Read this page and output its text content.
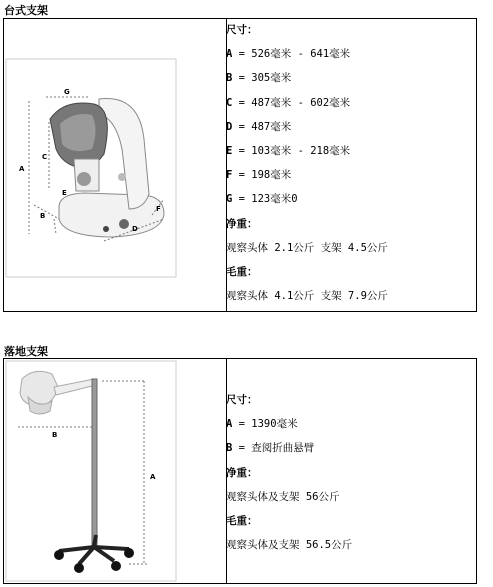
台式支架
G
A
C
E
B
D
F
尺寸：
A = 526毫米 - 641毫米
B = 305毫米
C = 487毫米 - 602毫米
D = 487毫米
E = 103毫米 - 218毫米
F = 198毫米
G = 123毫米0
净重：
观察头体 2.1公斤 支架 4.5公斤
毛重：
观察头体 4.1公斤 支架 7.9公斤
落地支架
B
A
尺寸：
A = 1390毫米
B = 查阅折曲悬臂
净重：
观察头体及支架 56公斤
毛重：
观察头体及支架 56.5公斤
